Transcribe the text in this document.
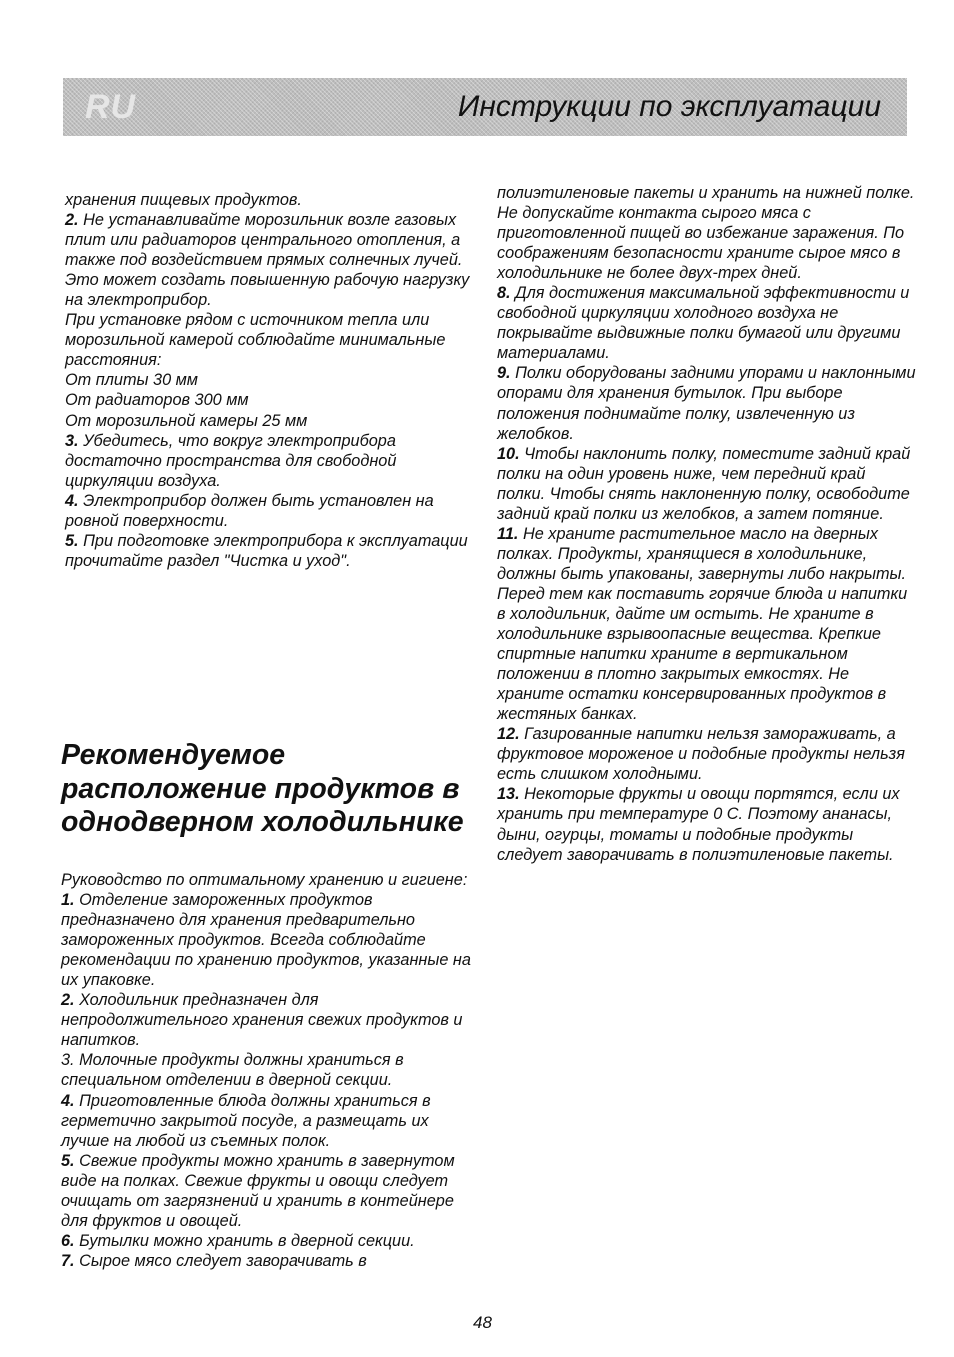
RU	Инструкции по эксплуатации

хранения пищевых продуктов.

2. Не устанавливайте морозильник возле газовых плит или радиаторов центрального отопления, а также под воздействием прямых солнечных лучей. Это может создать повышенную рабочую нагрузку на электроприбор.

При установке рядом с источником тепла или морозильной камерой соблюдайте минимальные расстояния:

От плиты 30 мм

От радиаторов 300 мм

От морозильной камеры 25 мм

3. Убедитесь, что вокруг электроприбора достаточно пространства для свободной циркуляции воздуха.

4. Электроприбор должен быть установлен на ровной поверхности.

5. При подготовке электроприбора к эксплуатации прочитайте раздел "Чистка и уход".

Рекомендуемое расположение продуктов в однодверном холодильнике

Руководство по оптимальному хранению и гигиене:

1. Отделение замороженных продуктов предназначено для хранения предварительно замороженных продуктов. Всегда соблюдайте рекомендации по хранению продуктов, указанные на их упаковке.

2. Холодильник предназначен для непродолжительного хранения свежих продуктов и напитков.

3. Молочные продукты должны храниться в специальном отделении в дверной секции.

4. Приготовленные блюда должны храниться в герметично закрытой посуде, а размещать их лучше на любой из съемных полок.

5. Свежие продукты можно хранить в завернутом виде на полках. Свежие фрукты и овощи следует очищать от загрязнений и хранить в контейнере для фруктов и овощей.

6. Бутылки можно хранить в дверной секции.

7. Сырое мясо следует заворачивать в

полиэтиленовые пакеты и хранить на нижней полке. Не допускайте контакта сырого мяса с приготовленной пищей во избежание заражения. По соображениям безопасности храните сырое мясо в холодильнике не более двух-трех дней.

8. Для достижения максимальной эффективности и свободной циркуляции холодного воздуха не покрывайте выдвижные полки бумагой или другими материалами.

9. Полки оборудованы задними упорами и наклонными опорами для хранения бутылок. При выборе положения поднимайте полку, извлеченную из желобков.

10. Чтобы наклонить полку, поместите задний край полки на один уровень ниже, чем передний край полки. Чтобы снять наклоненную полку, освободите задний край полки из желобков, а затем потяние.

11. Не храните растительное масло на дверных полках. Продукты, хранящиеся в холодильнике, должны быть упакованы, завернуты либо накрыты. Перед тем как поставить горячие блюда и напитки в холодильник, дайте им остыть. Не храните в холодильнике взрывоопасные вещества. Крепкие спиртные напитки храните в вертикальном положении в плотно закрытых емкостях. Не храните остатки консервированных продуктов в жестяных банках.

12. Газированные напитки нельзя замораживать, а фруктовое мороженое и подобные продукты нельзя есть слишком холодными.

13. Некоторые фрукты и овощи портятся, если их хранить при температуре 0 С. Поэтому ананасы, дыни, огурцы, томаты и подобные продукты следует заворачивать в полиэтиленовые пакеты.

48
